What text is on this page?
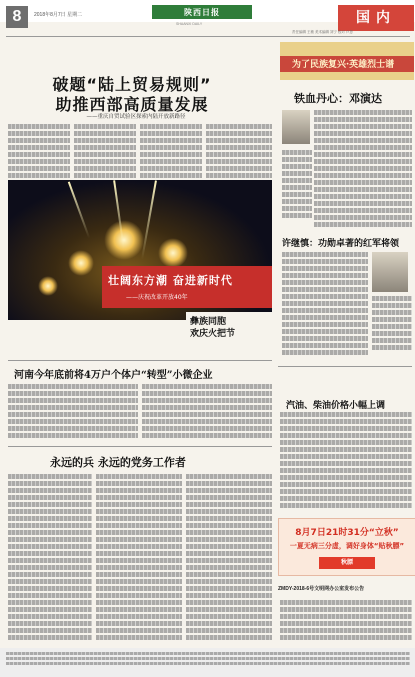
8	2018年8月7日 星期二	陕西日报
SHAANXI DAILY	国内
责任编辑 王敏 美术编辑 刘宁 校对 卢思
破题“陆上贸易规则”
助推西部高质量发展
——重庆自贸试验区探索内陆开放新路径
壮阔东方潮 奋进新时代
——庆祝改革开放40年
彝族同胞
欢庆火把节
为了民族复兴·英雄烈士谱
铁血丹心：邓演达
许继慎：功勋卓著的红军将领
河南今年底前将4万户个体户“转型”小微企业
永远的兵 永远的党务工作者
汽油、柴油价格小幅上调
8月7日21时31分“立秋”
一夏无病三分虚，调好身体“贴秋膘”
秋膘
ZMDY-2018-6号文明网办公室发布公告
